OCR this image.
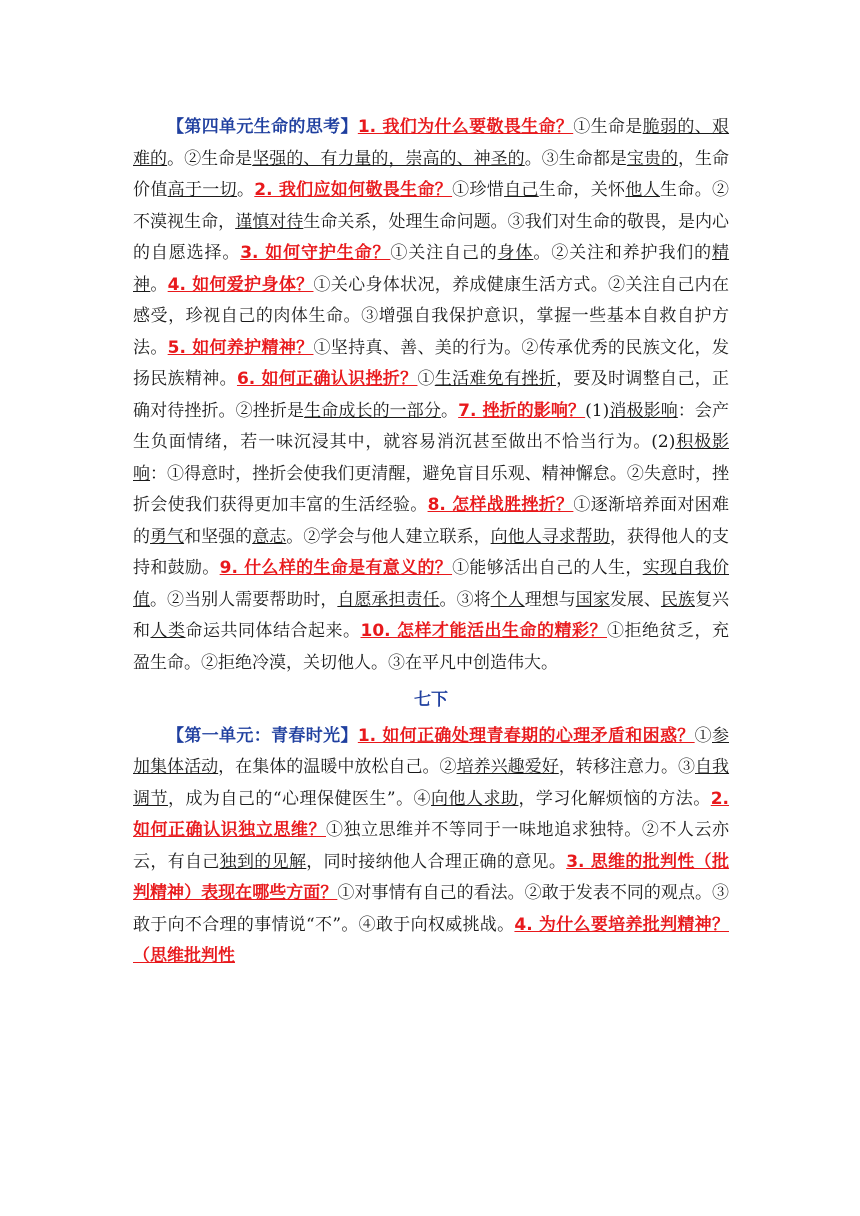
【第四单元生命的思考】1. 我们为什么要敬畏生命？①生命是脆弱的、艰难的。②生命是坚强的、有力量的，崇高的、神圣的。③生命都是宝贵的，生命价值高于一切。2. 我们应如何敬畏生命？①珍惜自己生命，关怀他人生命。②不漠视生命，谨慎对待生命关系，处理生命问题。③我们对生命的敬畏，是内心的自愿选择。3. 如何守护生命？①关注自己的身体。②关注和养护我们的精神。4. 如何爱护身体？①关心身体状况，养成健康生活方式。②关注自己内在感受，珍视自己的肉体生命。③增强自我保护意识，掌握一些基本自救自护方法。5. 如何养护精神？①坚持真、善、美的行为。②传承优秀的民族文化，发扬民族精神。6. 如何正确认识挫折？①生活难免有挫折，要及时调整自己，正确对待挫折。②挫折是生命成长的一部分。7. 挫折的影响？(1)消极影响：会产生负面情绪，若一味沉浸其中，就容易消沉甚至做出不恰当行为。(2)积极影响：①得意时，挫折会使我们更清醒，避免盲目乐观、精神懈怠。②失意时，挫折会使我们获得更加丰富的生活经验。8. 怎样战胜挫折？①逐渐培养面对困难的勇气和坚强的意志。②学会与他人建立联系，向他人寻求帮助，获得他人的支持和鼓励。9. 什么样的生命是有意义的？①能够活出自己的人生，实现自我价值。②当别人需要帮助时，自愿承担责任。③将个人理想与国家发展、民族复兴和人类命运共同体结合起来。10. 怎样才能活出生命的精彩？①拒绝贫乏，充盈生命。②拒绝冷漠，关切他人。③在平凡中创造伟大。

七下

【第一单元：青春时光】1. 如何正确处理青春期的心理矛盾和困惑？①参加集体活动，在集体的温暖中放松自己。②培养兴趣爱好，转移注意力。③自我调节，成为自己的“心理保健医生”。④向他人求助，学习化解烦恼的方法。2. 如何正确认识独立思维？①独立思维并不等同于一味地追求独特。②不人云亦云，有自己独到的见解，同时接纳他人合理正确的意见。3. 思维的批判性（批判精神）表现在哪些方面？①对事情有自己的看法。②敢于发表不同的观点。③敢于向不合理的事情说“不”。④敢于向权威挑战。4. 为什么要培养批判精神？（思维批判性
